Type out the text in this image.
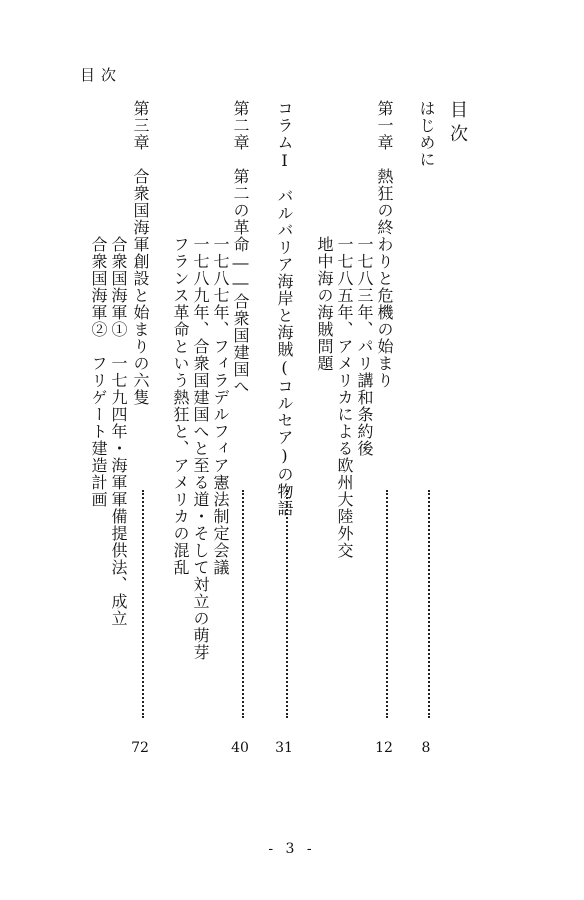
目次
目次
はじめに
8
第一章　熱狂の終わりと危機の始まり
一七八三年、パリ講和条約後
一七八五年、アメリカによる欧州大陸外交
地中海の海賊問題
12
コラムⅠ　バルバリア海岸と海賊(コルセア)の物語
31
第二章　第二の革命――合衆国建国へ
一七八七年、フィラデルフィア憲法制定会議
一七八九年、合衆国建国へと至る道・そして対立の萌芽
フランス革命という熱狂と、アメリカの混乱
40
第三章　合衆国海軍創設と始まりの六隻
合衆国海軍①　一七九四年・海軍軍備提供法、成立
合衆国海軍②　フリゲート建造計画
72
- 3 -
